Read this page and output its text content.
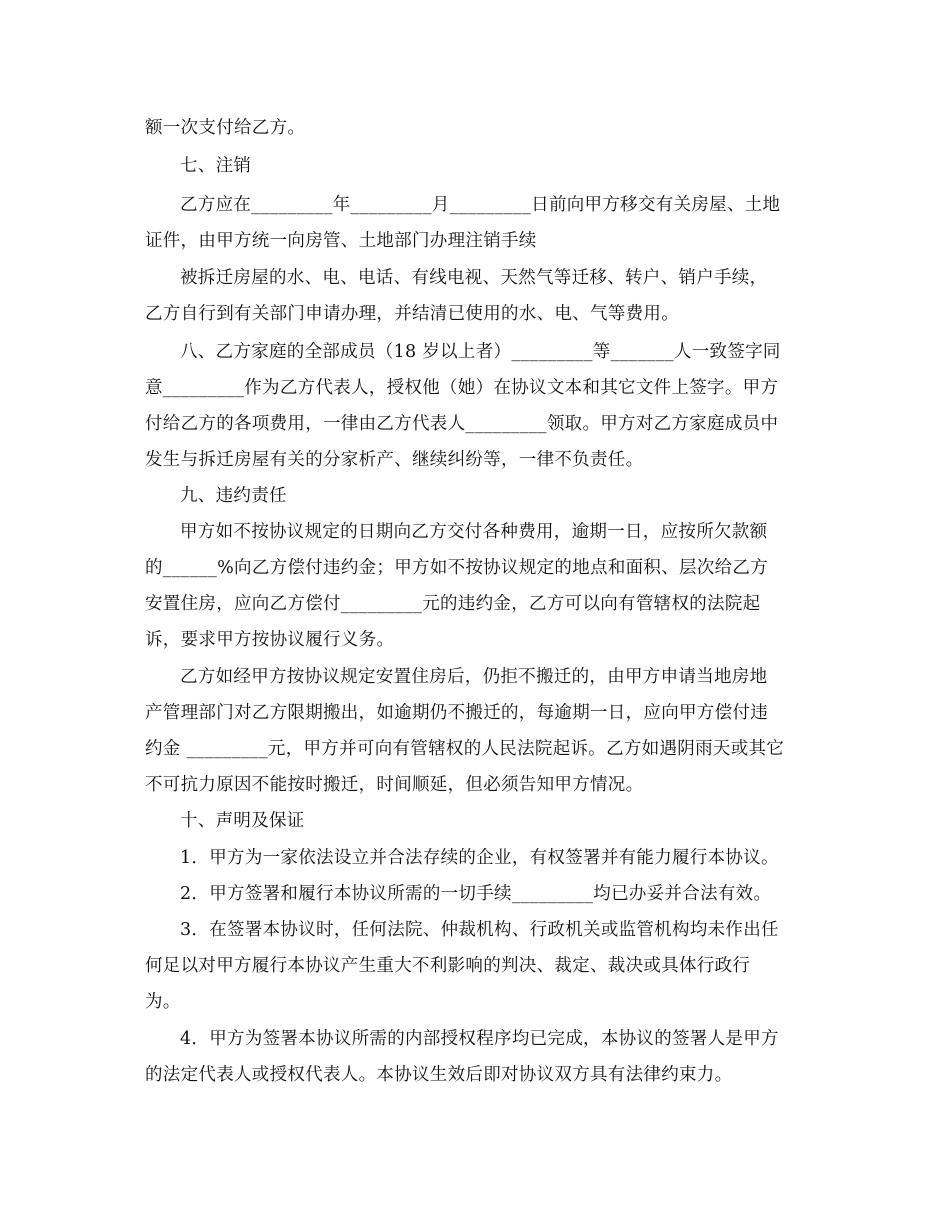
额一次支付给乙方。
七、注销
乙方应在_________年_________月_________日前向甲方移交有关房屋、土地
证件，由甲方统一向房管、土地部门办理注销手续
被拆迁房屋的水、电、电话、有线电视、天然气等迁移、转户、销户手续，
乙方自行到有关部门申请办理，并结清已使用的水、电、气等费用。
八、乙方家庭的全部成员（18 岁以上者）_________等_______人一致签字同
意_________作为乙方代表人，授权他（她）在协议文本和其它文件上签字。甲方
付给乙方的各项费用，一律由乙方代表人_________领取。甲方对乙方家庭成员中
发生与拆迁房屋有关的分家析产、继续纠纷等，一律不负责任。
九、违约责任
甲方如不按协议规定的日期向乙方交付各种费用，逾期一日，应按所欠款额
的______%向乙方偿付违约金；甲方如不按协议规定的地点和面积、层次给乙方
安置住房，应向乙方偿付_________元的违约金，乙方可以向有管辖权的法院起
诉，要求甲方按协议履行义务。
乙方如经甲方按协议规定安置住房后，仍拒不搬迁的，由甲方申请当地房地
产管理部门对乙方限期搬出，如逾期仍不搬迁的，每逾期一日，应向甲方偿付违
约金 _________元，甲方并可向有管辖权的人民法院起诉。乙方如遇阴雨天或其它
不可抗力原因不能按时搬迁，时间顺延，但必须告知甲方情况。
十、声明及保证
1．甲方为一家依法设立并合法存续的企业，有权签署并有能力履行本协议。
2．甲方签署和履行本协议所需的一切手续_________均已办妥并合法有效。
3．在签署本协议时，任何法院、仲裁机构、行政机关或监管机构均未作出任
何足以对甲方履行本协议产生重大不利影响的判决、裁定、裁决或具体行政行
为。
4．甲方为签署本协议所需的内部授权程序均已完成，本协议的签署人是甲方
的法定代表人或授权代表人。本协议生效后即对协议双方具有法律约束力。
